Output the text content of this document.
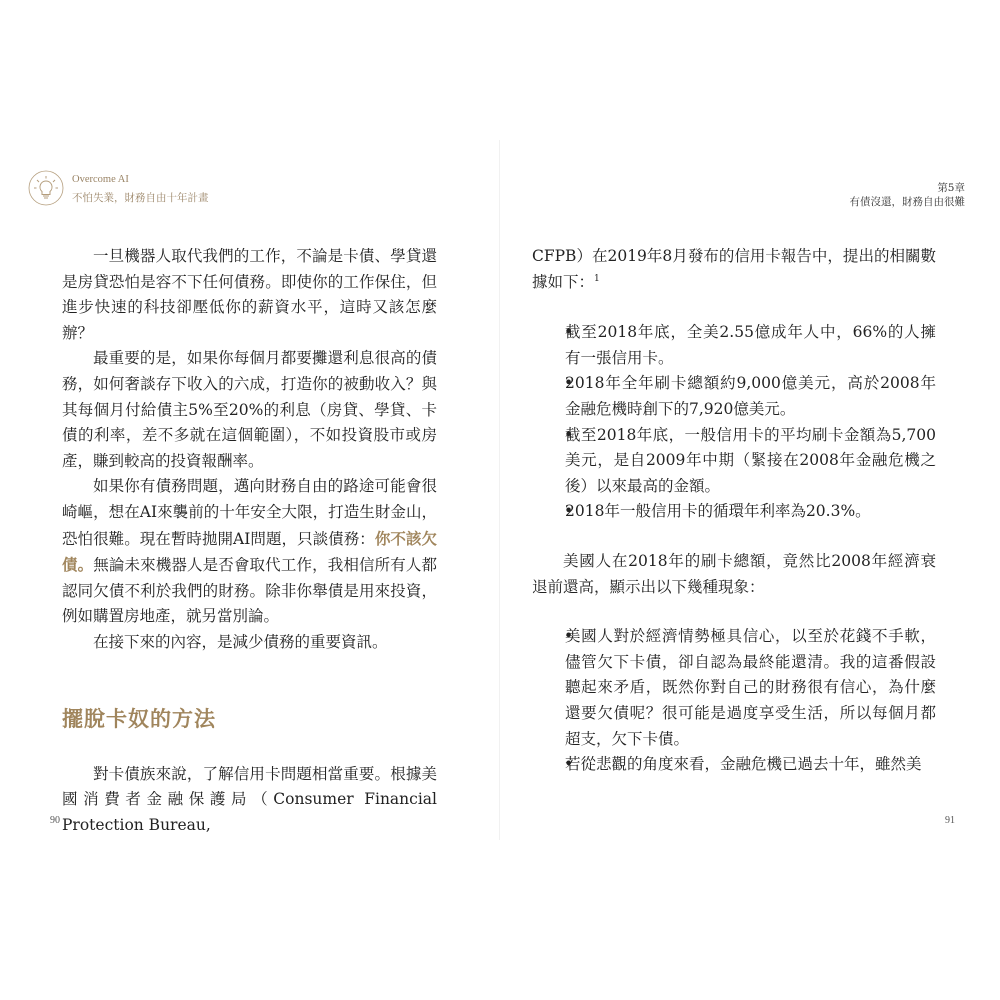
Overcome AI
不怕失業，財務自由十年計畫

一旦機器人取代我們的工作，不論是卡債、學貸還是房貸恐怕是容不下任何債務。即使你的工作保住，但進步快速的科技卻壓低你的薪資水平，這時又該怎麼辦？

最重要的是，如果你每個月都要攤還利息很高的債務，如何奢談存下收入的六成，打造你的被動收入？與其每個月付給債主5%至20%的利息（房貸、學貸、卡債的利率，差不多就在這個範圍），不如投資股市或房產，賺到較高的投資報酬率。

如果你有債務問題，邁向財務自由的路途可能會很崎嶇，想在AI來襲前的十年安全大限，打造生財金山，恐怕很難。現在暫時拋開AI問題，只談債務：你不該欠債。無論未來機器人是否會取代工作，我相信所有人都認同欠債不利於我們的財務。除非你舉債是用來投資，例如購置房地產，就另當別論。

在接下來的內容，是減少債務的重要資訊。

擺脫卡奴的方法

對卡債族來說，了解信用卡問題相當重要。根據美國消費者金融保護局（Consumer Financial Protection Bureau,

90
第5章
有債沒還，財務自由很難

CFPB）在2019年8月發布的信用卡報告中，提出的相關數據如下：$^1$

• 截至2018年底，全美2.55億成年人中，66%的人擁有一張信用卡。
• 2018年全年刷卡總額約9,000億美元，高於2008年金融危機時創下的7,920億美元。
• 截至2018年底，一般信用卡的平均刷卡金額為5,700美元，是自2009年中期（緊接在2008年金融危機之後）以來最高的金額。
• 2018年一般信用卡的循環年利率為20.3%。

美國人在2018年的刷卡總額，竟然比2008年經濟衰退前還高，顯示出以下幾種現象：

• 美國人對於經濟情勢極具信心，以至於花錢不手軟，儘管欠下卡債，卻自認為最終能還清。我的這番假設聽起來矛盾，既然你對自己的財務很有信心，為什麼還要欠債呢？很可能是過度享受生活，所以每個月都超支，欠下卡債。
• 若從悲觀的角度來看，金融危機已過去十年，雖然美
91
